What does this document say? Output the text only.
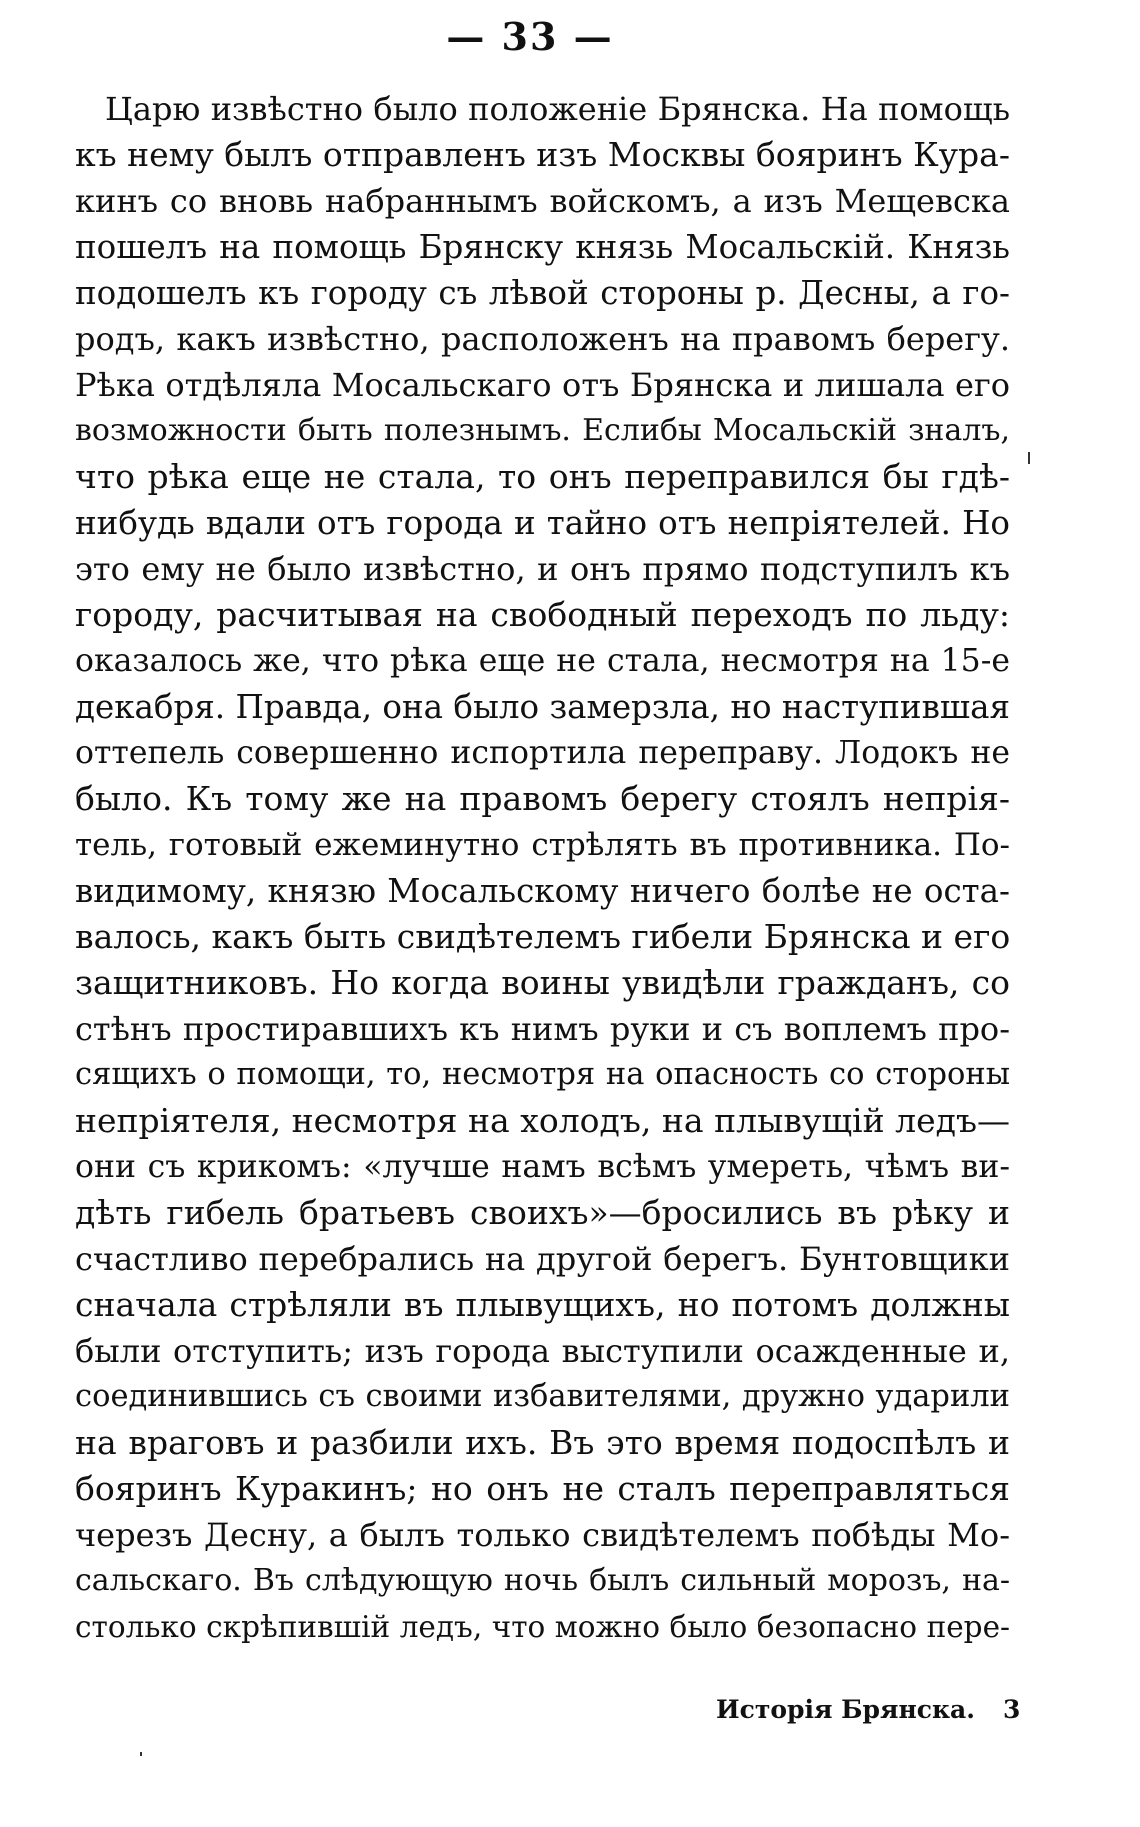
— 33 —
Царю извѣстно было положеніе Брянска. На помощь
къ нему былъ отправленъ изъ Москвы бояринъ Кура-
кинъ со вновь набраннымъ войскомъ, а изъ Мещевска
пошелъ на помощь Брянску князь Мосальскій. Князь
подошелъ къ городу съ лѣвой стороны р. Десны, а го-
родъ, какъ извѣстно, расположенъ на правомъ берегу.
Рѣка отдѣляла Мосальскаго отъ Брянска и лишала его
возможности быть полезнымъ. Еслибы Мосальскій зналъ,
что рѣка еще не стала, то онъ переправился бы гдѣ-
нибудь вдали отъ города и тайно отъ непріятелей. Но
это ему не было извѣстно, и онъ прямо подступилъ къ
городу, расчитывая на свободный переходъ по льду:
оказалось же, что рѣка еще не стала, несмотря на 15-е
декабря. Правда, она было замерзла, но наступившая
оттепель совершенно испортила переправу. Лодокъ не
было. Къ тому же на правомъ берегу стоялъ непрія-
тель, готовый ежеминутно стрѣлять въ противника. По-
видимому, князю Мосальскому ничего болѣе не оста-
валось, какъ быть свидѣтелемъ гибели Брянска и его
защитниковъ. Но когда воины увидѣли гражданъ, со
стѣнъ простиравшихъ къ нимъ руки и съ воплемъ про-
сящихъ о помощи, то, несмотря на опасность со стороны
непріятеля, несмотря на холодъ, на плывущій ледъ—
они съ крикомъ: «лучше намъ всѣмъ умереть, чѣмъ ви-
дѣть гибель братьевъ своихъ»—бросились въ рѣку и
счастливо перебрались на другой берегъ. Бунтовщики
сначала стрѣляли въ плывущихъ, но потомъ должны
были отступить; изъ города выступили осажденные и,
соединившись съ своими избавителями, дружно ударили
на враговъ и разбили ихъ. Въ это время подоспѣлъ и
бояринъ Куракинъ; но онъ не сталъ переправляться
черезъ Десну, а былъ только свидѣтелемъ побѣды Мо-
сальскаго. Въ слѣдующую ночь былъ сильный морозъ, на-
столько скрѣпившій ледъ, что можно было безопасно пере-
Исторія Брянска. 3
